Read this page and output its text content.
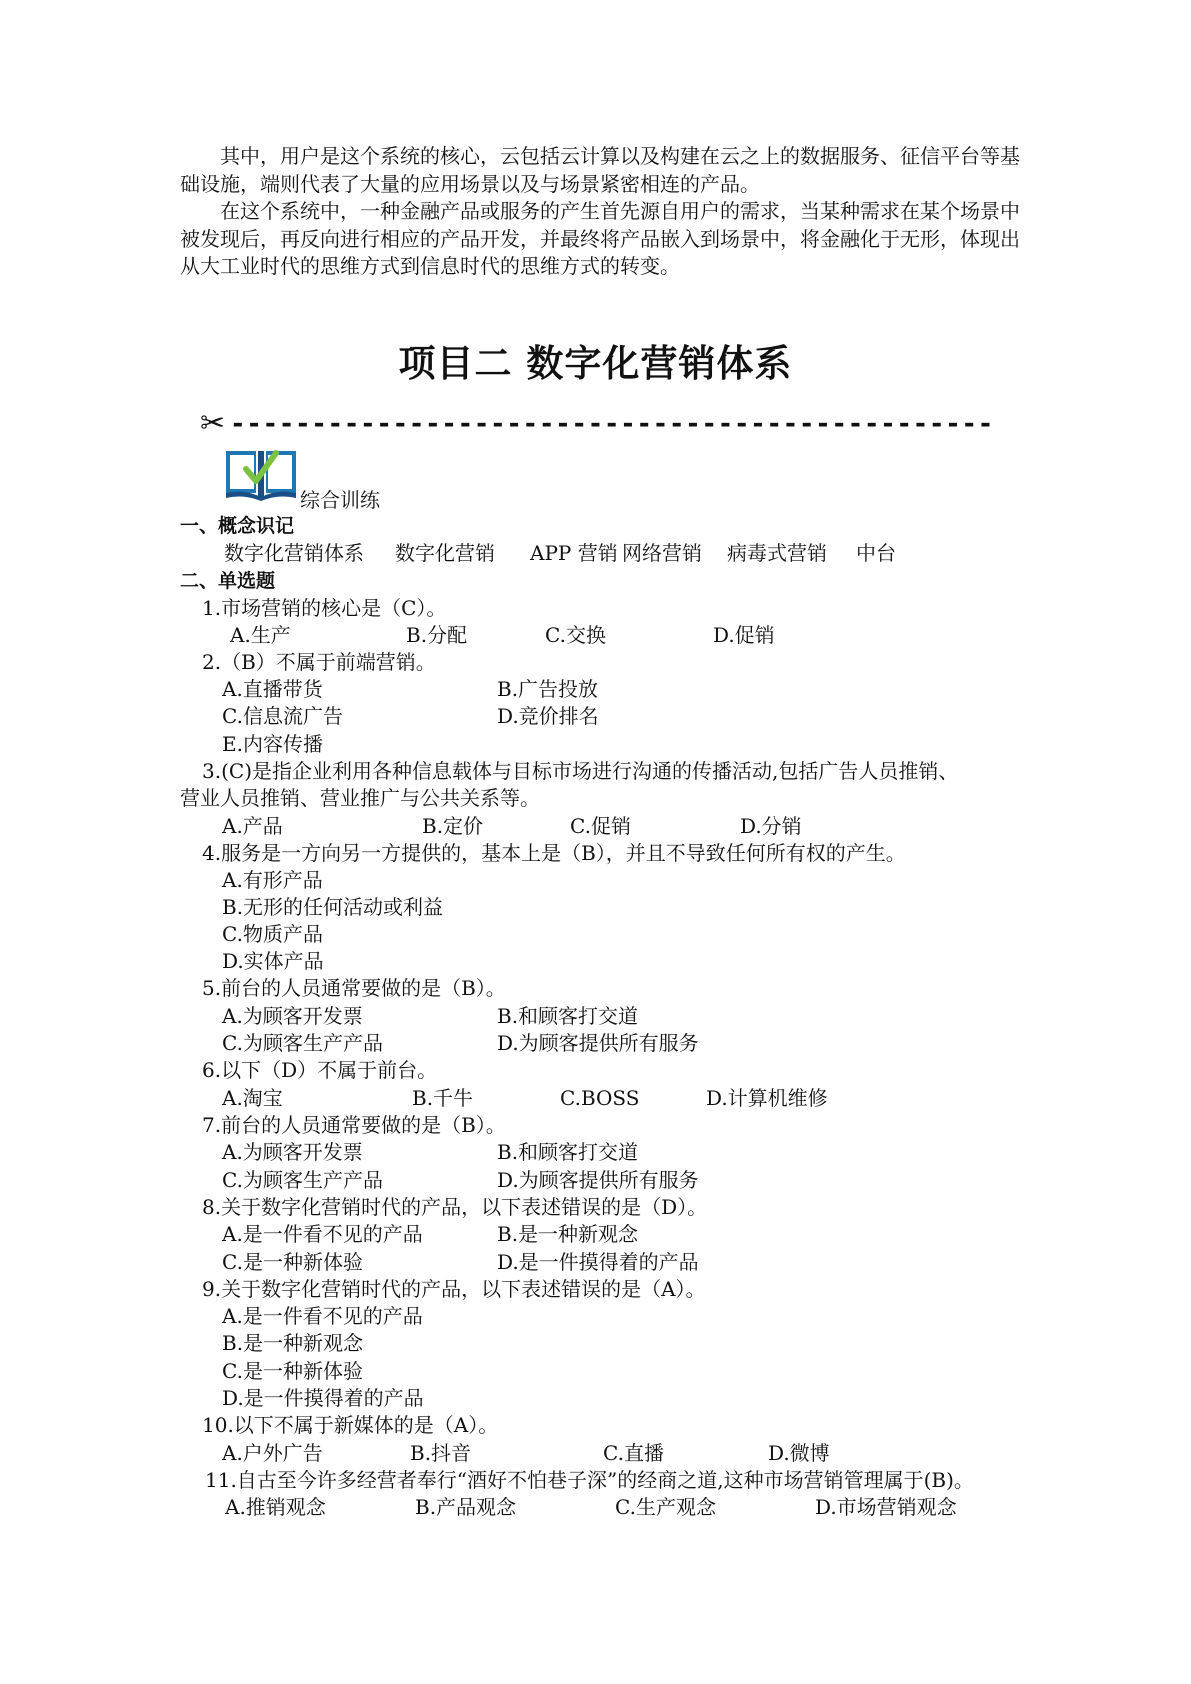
其中，用户是这个系统的核心，云包括云计算以及构建在云之上的数据服务、征信平台等基础设施，端则代表了大量的应用场景以及与场景紧密相连的产品。

在这个系统中，一种金融产品或服务的产生首先源自用户的需求，当某种需求在某个场景中被发现后，再反向进行相应的产品开发，并最终将产品嵌入到场景中，将金融化于无形，体现出从大工业时代的思维方式到信息时代的思维方式的转变。

项目二 数字化营销体系
✂ -----------------------------------------------
综合训练
一、概念识记
数字化营销体系 数字化营销 APP 营销 网络营销 病毒式营销 中台
二、单选题
1.市场营销的核心是（C）。
A.生产	B.分配	C.交换	D.促销
2.（B）不属于前端营销。
A.直播带货	B.广告投放
C.信息流广告	D.竞价排名
E.内容传播
3.(C)是指企业利用各种信息载体与目标市场进行沟通的传播活动,包括广告人员推销、
营业人员推销、营业推广与公共关系等。
A.产品	B.定价	C.促销	D.分销
4.服务是一方向另一方提供的，基本上是（B），并且不导致任何所有权的产生。
A.有形产品
B.无形的任何活动或利益
C.物质产品
D.实体产品
5.前台的人员通常要做的是（B）。
A.为顾客开发票	B.和顾客打交道
C.为顾客生产产品	D.为顾客提供所有服务
6.以下（D）不属于前台。
A.淘宝	B.千牛	C.BOSS	D.计算机维修
7.前台的人员通常要做的是（B）。
A.为顾客开发票	B.和顾客打交道
C.为顾客生产产品	D.为顾客提供所有服务
8.关于数字化营销时代的产品，以下表述错误的是（D）。
A.是一件看不见的产品	B.是一种新观念
C.是一种新体验	D.是一件摸得着的产品
9.关于数字化营销时代的产品，以下表述错误的是（A）。
A.是一件看不见的产品
B.是一种新观念
C.是一种新体验
D.是一件摸得着的产品
10.以下不属于新媒体的是（A）。
A.户外广告	B.抖音	C.直播	D.微博
11.自古至今许多经营者奉行“酒好不怕巷子深”的经商之道,这种市场营销管理属于(B)。
A.推销观念	B.产品观念	C.生产观念	D.市场营销观念
